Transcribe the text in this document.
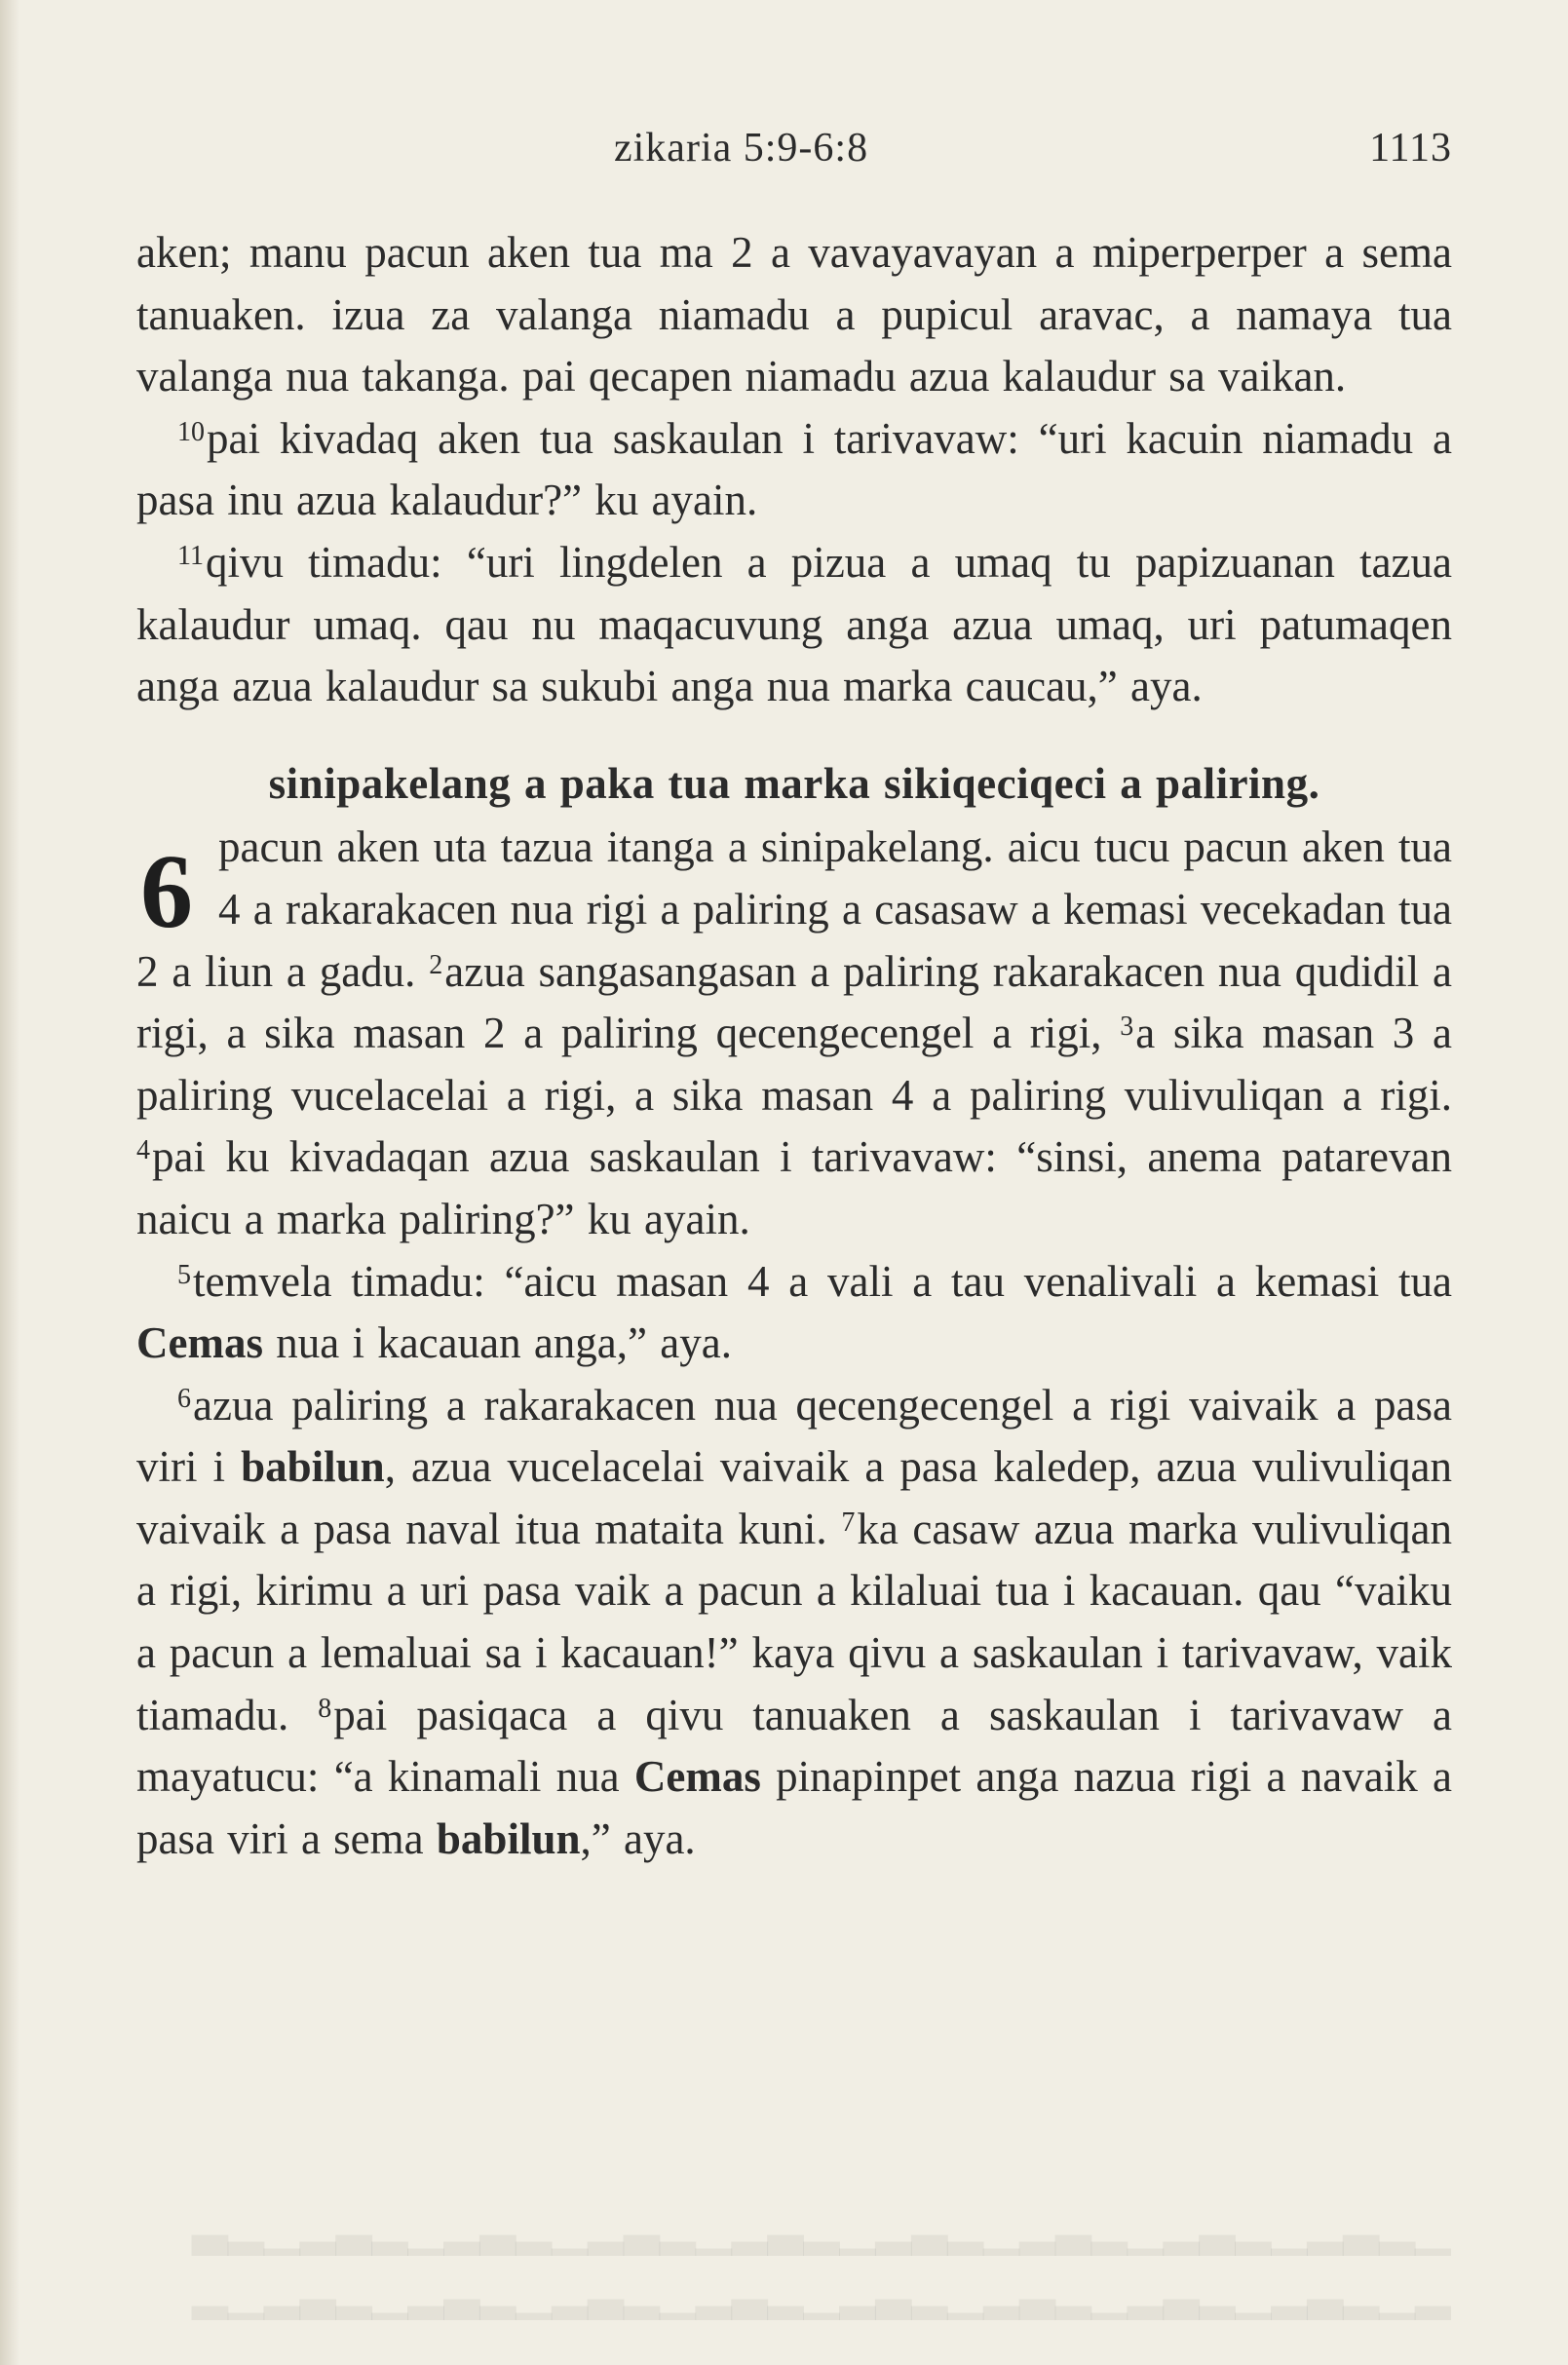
▁▂▃▂▁▂▃▂▁▂▃▂▁▂▃▂▁▂▃▂▁▂▃▂▁▂▃▂▁▂▃▂▁▂▃
▂▁▂▃▂▁▂▃▂▁▂▃▂▁▂▃▂▁▂▃▂▁▂▃▂▁▂▃▂▁▂▃▂▁▂
zikaria 5:9-6:8	1113

aken; manu pacun aken tua ma 2 a vavayavayan a miperperper a sema tanuaken. izua za valanga niamadu a pupicul aravac, a namaya tua valanga nua takanga. pai qecapen niamadu azua kalaudur sa vaikan.

$^{10}$pai kivadaq aken tua saskaulan i tarivavaw: “uri kacuin niamadu a pasa inu azua kalaudur?” ku ayain.

$^{11}$qivu timadu: “uri lingdelen a pizua a umaq tu papizuanan tazua kalaudur umaq. qau nu maqacuvung anga azua umaq, uri patumaqen anga azua kalaudur sa sukubi anga nua marka caucau,” aya.

sinipakelang a paka tua marka sikiqeciqeci a paliring.

6 pacun aken uta tazua itanga a sinipakelang. aicu tucu pacun aken tua 4 a rakarakacen nua rigi a paliring a casasaw a kemasi vecekadan tua 2 a liun a gadu. $^2$azua sangasangasan a paliring rakarakacen nua qudidil a rigi, a sika masan 2 a paliring qecengecengel a rigi, $^3$a sika masan 3 a paliring vucelacelai a rigi, a sika masan 4 a paliring vulivuliqan a rigi. $^4$pai ku kivadaqan azua saskaulan i tarivavaw: “sinsi, anema patarevan naicu a marka paliring?” ku ayain.

$^5$temvela timadu: “aicu masan 4 a vali a tau venalivali a kemasi tua Cemas nua i kacauan anga,” aya.

$^6$azua paliring a rakarakacen nua qecengecengel a rigi vaivaik a pasa viri i babilun, azua vucelacelai vaivaik a pasa kaledep, azua vulivuliqan vaivaik a pasa naval itua mataita kuni. $^7$ka casaw azua marka vulivuliqan a rigi, kirimu a uri pasa vaik a pacun a kilaluai tua i kacauan. qau “vaiku a pacun a lemaluai sa i kacauan!” kaya qivu a saskaulan i tarivavaw, vaik tiamadu. $^8$pai pasiqaca a qivu tanuaken a saskaulan i tarivavaw a mayatucu: “a kinamali nua Cemas pinapinpet anga nazua rigi a navaik a pasa viri a sema babilun,” aya.
